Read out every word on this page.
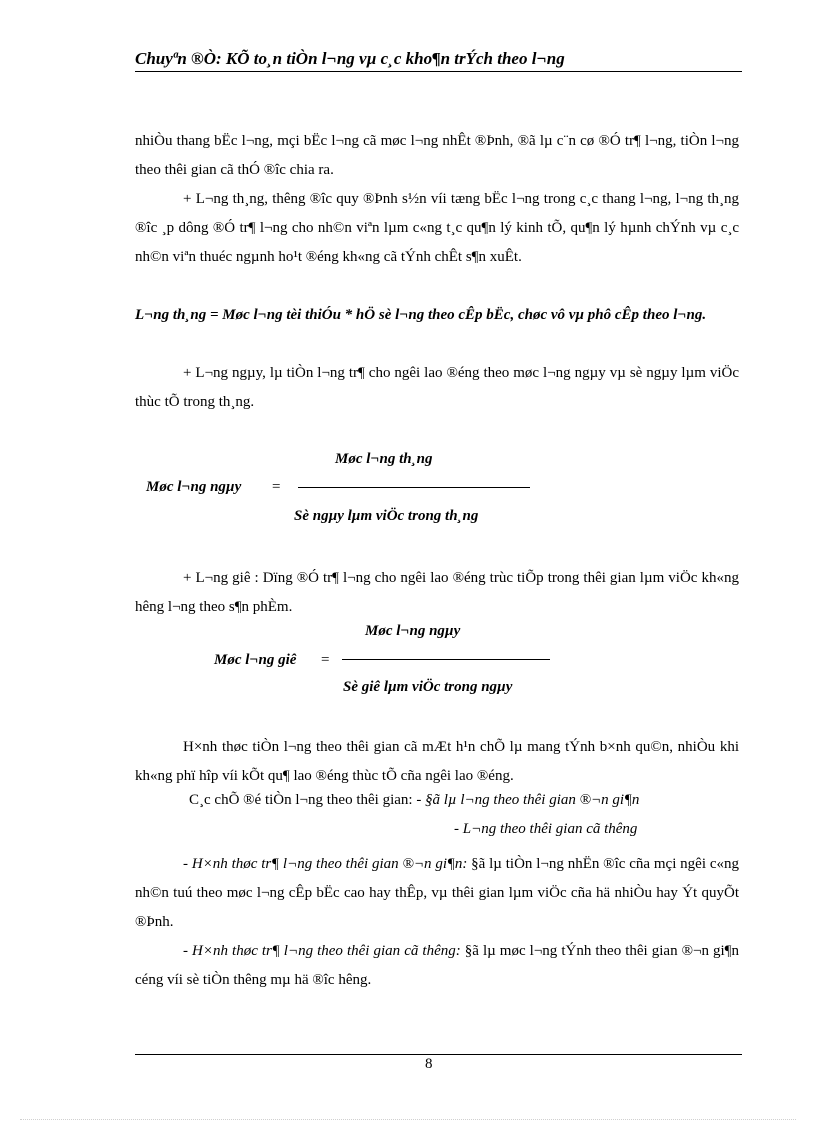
Chuyªn ®Ò: KÕ to¸n tiÒn l¬ng vµ c¸c kho¶n trÝch theo l¬ng
nhiÒu thang bËc l¬ng, mçi bËc l¬ng cã møc l¬ng nhÊt ®Þnh, ®ã lµ c¨n cø ®Ó tr¶ l¬ng, tiÒn l¬ng theo thêi gian cã thÓ ®îc chia ra.
+ L¬ng th¸ng, thêng ®îc quy ®Þnh s½n víi tæng bËc l¬ng trong c¸c thang l¬ng, l¬ng th¸ng ®îc ¸p dông ®Ó tr¶ l¬ng cho nh©n viªn lµm c«ng t¸c qu¶n lý kinh tÕ, qu¶n lý hµnh chÝnh vµ c¸c nh©n viªn thuéc ngµnh ho¹t ®éng kh«ng cã tÝnh chÊt s¶n xuÊt.
L¬ng th¸ng = Møc l¬ng tèi thiÓu * hÖ sè l¬ng theo cÊp bËc, chøc vô vµ phô cÊp theo l¬ng.
+ L¬ng ngµy, lµ tiÒn l¬ng tr¶ cho ngêi lao ®éng theo møc l¬ng ngµy vµ sè ngµy lµm viÖc thùc tÕ trong th¸ng.
Møc l¬ng th¸ng
Møc l¬ng ngµy =
Sè ngµy lµm viÖc trong th¸ng
+ L¬ng giê : Dïng ®Ó tr¶ l¬ng cho ngêi lao ®éng trùc tiÕp trong thêi gian lµm viÖc kh«ng hêng l¬ng theo s¶n phÈm.
Møc l¬ng ngµy
Møc l¬ng giê =
Sè giê lµm viÖc trong ngµy
H×nh thøc tiÒn l¬ng theo thêi gian cã mÆt h¹n chÕ lµ mang tÝnh b×nh qu©n, nhiÒu khi kh«ng phï hîp víi kÕt qu¶ lao ®éng thùc tÕ cña ngêi lao ®éng.
C¸c chÕ ®é tiÒn l¬ng theo thêi gian: - §ã lµ l¬ng theo thêi gian ®¬n gi¶n
- L¬ng theo thêi gian cã thêng
- H×nh thøc tr¶ l¬ng theo thêi gian ®¬n gi¶n: §ã lµ tiÒn l¬ng nhËn ®îc cña mçi ngêi c«ng nh©n tuú theo møc l¬ng cÊp bËc cao hay thÊp, vµ thêi gian lµm viÖc cña hä nhiÒu hay Ýt quyÕt ®Þnh.
- H×nh thøc tr¶ l¬ng theo thêi gian cã thêng: §ã lµ møc l¬ng tÝnh theo thêi gian ®¬n gi¶n céng víi sè tiÒn thêng mµ hä ®îc hêng.
8
